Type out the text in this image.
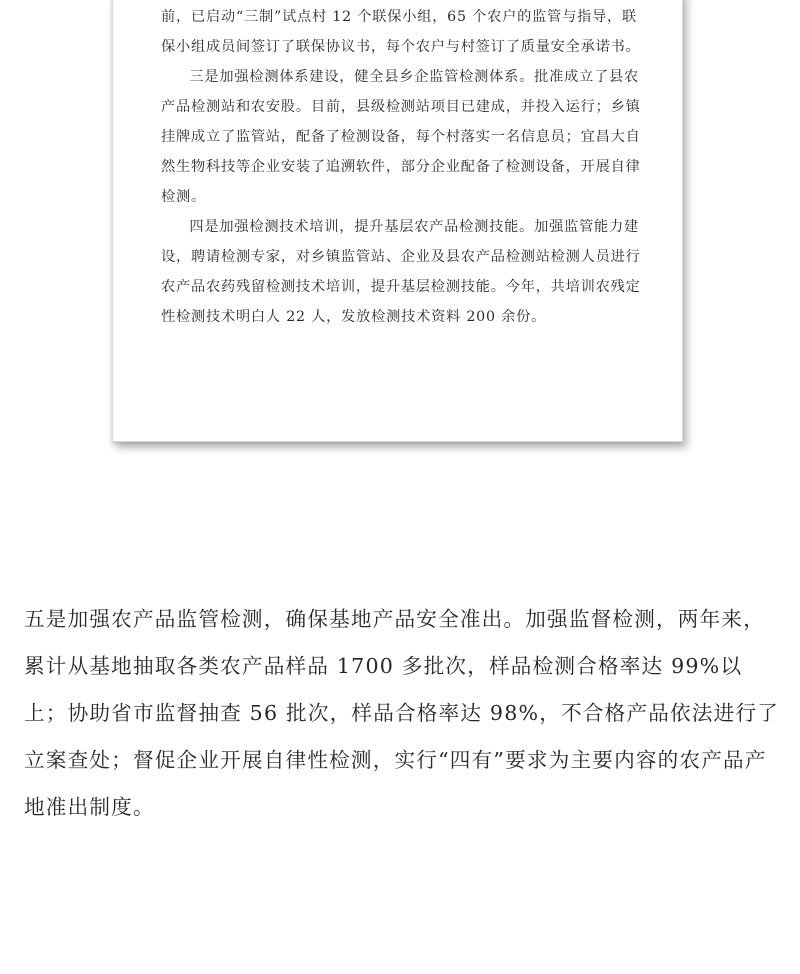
前，已启动“三制”试点村 12 个联保小组，65 个农户的监管与指导，联保小组成员间签订了联保协议书，每个农户与村签订了质量安全承诺书。

三是加强检测体系建设，健全县乡企监管检测体系。批准成立了县农产品检测站和农安股。目前，县级检测站项目已建成，并投入运行；乡镇挂牌成立了监管站，配备了检测设备，每个村落实一名信息员；宜昌大自然生物科技等企业安装了追溯软件，部分企业配备了检测设备，开展自律检测。

四是加强检测技术培训，提升基层农产品检测技能。加强监管能力建设，聘请检测专家，对乡镇监管站、企业及县农产品检测站检测人员进行农产品农药残留检测技术培训，提升基层检测技能。今年，共培训农残定性检测技术明白人 22 人，发放检测技术资料 200 余份。

五是加强农产品监管检测，确保基地产品安全准出。加强监督检测，两年来，累计从基地抽取各类农产品样品 1700 多批次，样品检测合格率达 99%以上；协助省市监督抽查 56 批次，样品合格率达 98%，不合格产品依法进行了立案查处；督促企业开展自律性检测，实行“四有”要求为主要内容的农产品产地准出制度。
